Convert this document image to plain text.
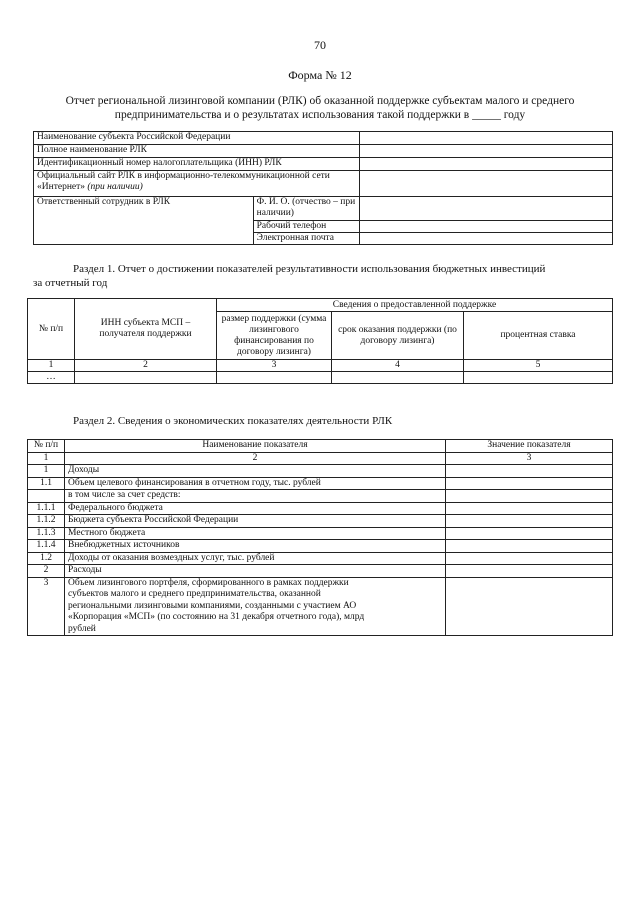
70
Форма № 12
Отчет региональной лизинговой компании (РЛК) об оказанной поддержке субъектам малого и среднего
предпринимательства и о результатах использования такой поддержки в _____ году
Наименование субъекта Российской Федерации		
Полное наименование РЛК		
Идентификационный номер налогоплательщика (ИНН) РЛК		
Официальный сайт РЛК в информационно-телекоммуникационной сети «Интернет» (при наличии)		
Ответственный сотрудник в РЛК	Ф. И. О. (отчество – при наличии)	
	Рабочий телефон	
	Электронная почта	
Раздел 1. Отчет о достижении показателей результативности использования бюджетных инвестиций
за отчетный год
№ п/п	ИНН субъекта МСП – получателя поддержки	Сведения о предоставленной поддержке		
		размер поддержки (сумма лизингового финансирования по договору лизинга)	срок оказания поддержки (по договору лизинга)	процентная ставка
1	2	3	4	5
…				
Раздел 2. Сведения о экономических показателях деятельности РЛК
№ п/п	Наименование показателя	Значение показателя
1	2	3
1	Доходы	
1.1	Объем целевого финансирования в отчетном году, тыс. рублей	
	в том числе за счет средств:	
1.1.1	Федерального бюджета	
1.1.2	Бюджета субъекта Российской Федерации	
1.1.3	Местного бюджета	
1.1.4	Внебюджетных источников	
1.2	Доходы от оказания возмездных услуг, тыс. рублей	
2	Расходы	
3	Объем лизингового портфеля, сформированного в рамках поддержки субъектов малого и среднего предпринимательства, оказанной региональными лизинговыми компаниями, созданными с участием АО «Корпорация «МСП» (по состоянию на 31 декабря отчетного года), млрд рублей	
